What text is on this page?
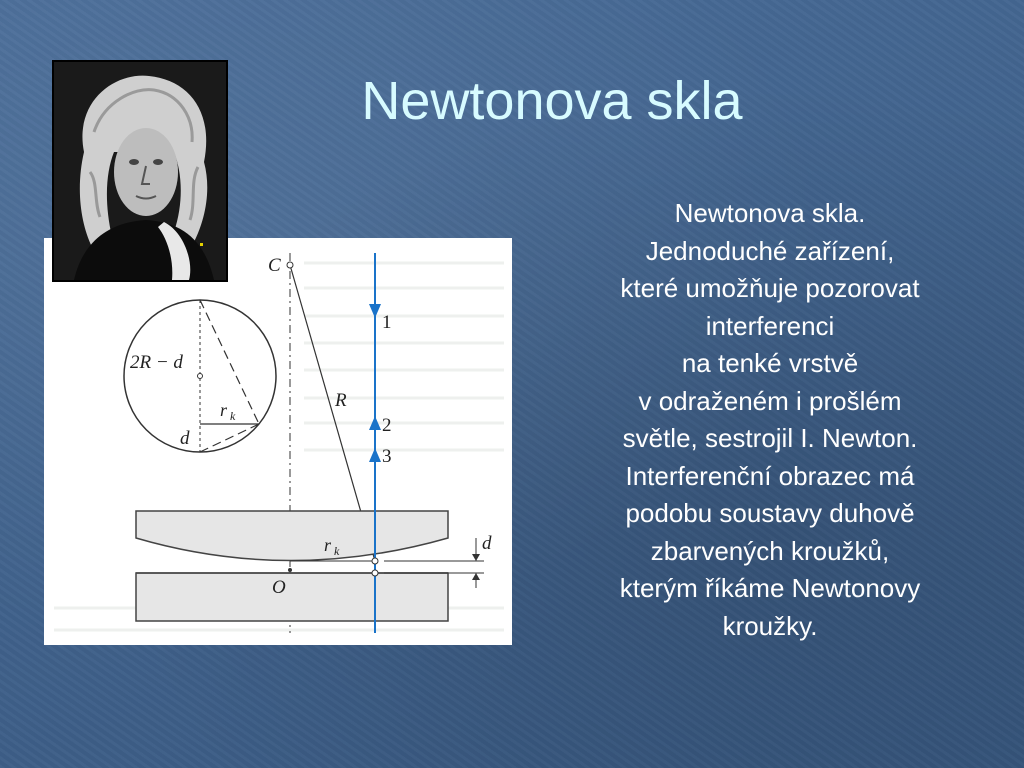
Newtonova skla
C
R
O
2R − d
d
r k
r k	d
1
2
3
Newtonova skla.
Jednoduché zařízení,
které umožňuje pozorovat
interferenci
na tenké vrstvě
v odraženém i prošlém
světle, sestrojil I. Newton.
Interferenční obrazec má
podobu soustavy duhově
zbarvených kroužků,
kterým říkáme Newtonovy
kroužky.
